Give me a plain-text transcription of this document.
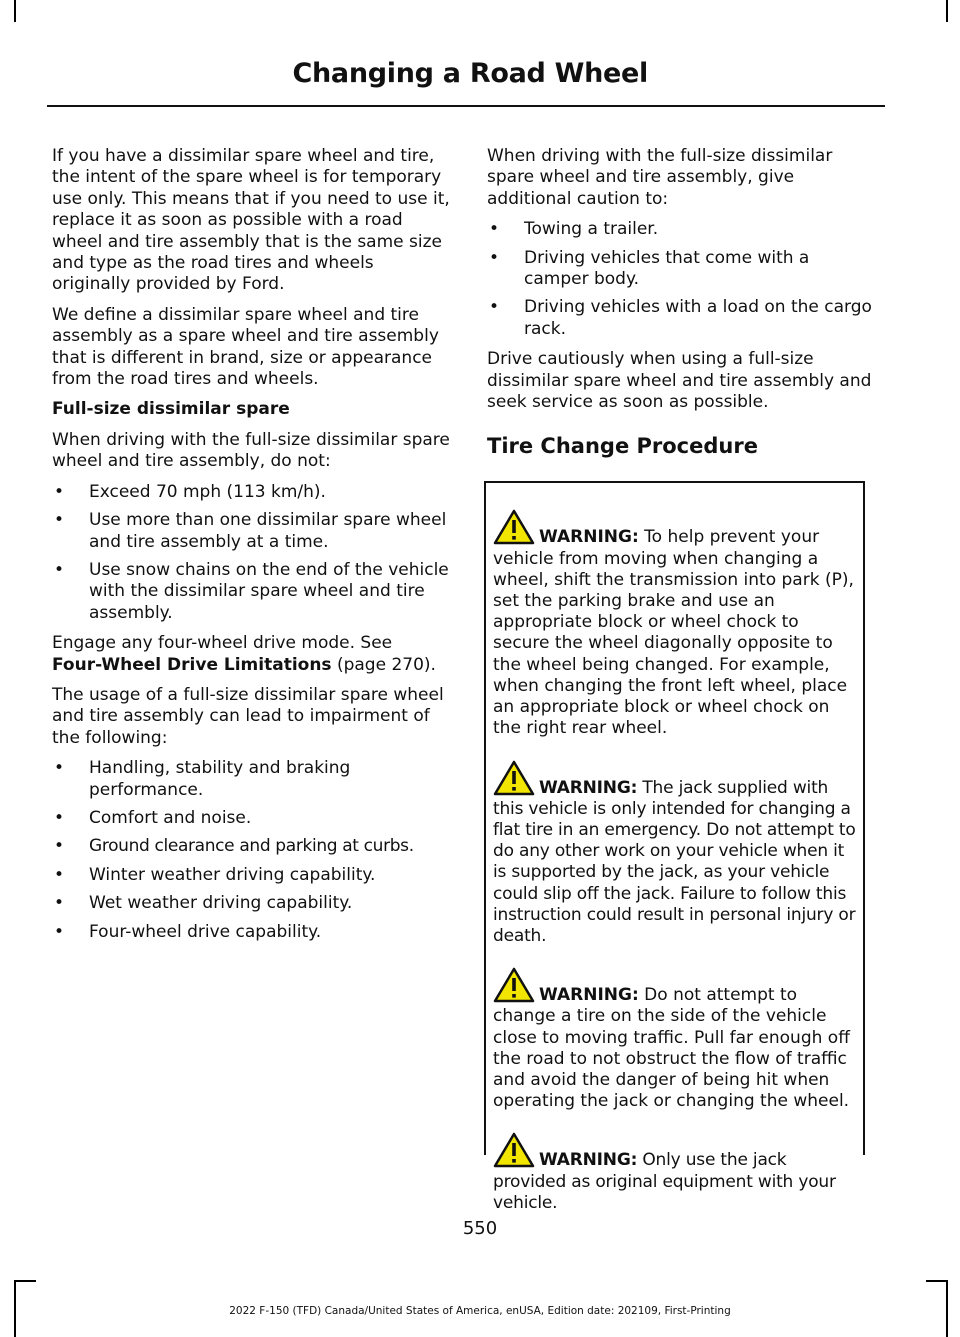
Changing a Road Wheel

If you have a dissimilar spare wheel and tire, the intent of the spare wheel is for temporary use only. This means that if you need to use it, replace it as soon as possible with a road wheel and tire assembly that is the same size and type as the road tires and wheels originally provided by Ford.

We define a dissimilar spare wheel and tire assembly as a spare wheel and tire assembly that is different in brand, size or appearance from the road tires and wheels.

Full-size dissimilar spare

When driving with the full-size dissimilar spare wheel and tire assembly, do not:

• Exceed 70 mph (113 km/h).
• Use more than one dissimilar spare wheel and tire assembly at a time.
• Use snow chains on the end of the vehicle with the dissimilar spare wheel and tire assembly.

Engage any four-wheel drive mode. See
Four-Wheel Drive Limitations (page 270).

The usage of a full-size dissimilar spare wheel and tire assembly can lead to impairment of the following:

• Handling, stability and braking performance.
• Comfort and noise.
• Ground clearance and parking at curbs.
• Winter weather driving capability.
• Wet weather driving capability.
• Four-wheel drive capability.

When driving with the full-size dissimilar spare wheel and tire assembly, give additional caution to:

• Towing a trailer.
• Driving vehicles that come with a camper body.
• Driving vehicles with a load on the cargo rack.

Drive cautiously when using a full-size dissimilar spare wheel and tire assembly and seek service as soon as possible.

Tire Change Procedure

WARNING: To help prevent your vehicle from moving when changing a wheel, shift the transmission into park (P), set the parking brake and use an appropriate block or wheel chock to secure the wheel diagonally opposite to the wheel being changed. For example, when changing the front left wheel, place an appropriate block or wheel chock on the right rear wheel.

WARNING: The jack supplied with this vehicle is only intended for changing a flat tire in an emergency. Do not attempt to do any other work on your vehicle when it is supported by the jack, as your vehicle could slip off the jack. Failure to follow this instruction could result in personal injury or death.

WARNING: Do not attempt to change a tire on the side of the vehicle close to moving traffic. Pull far enough off the road to not obstruct the flow of traffic and avoid the danger of being hit when operating the jack or changing the wheel.

WARNING: Only use the jack provided as original equipment with your vehicle.

550
2022 F-150 (TFD) Canada/United States of America, enUSA, Edition date: 202109, First-Printing
